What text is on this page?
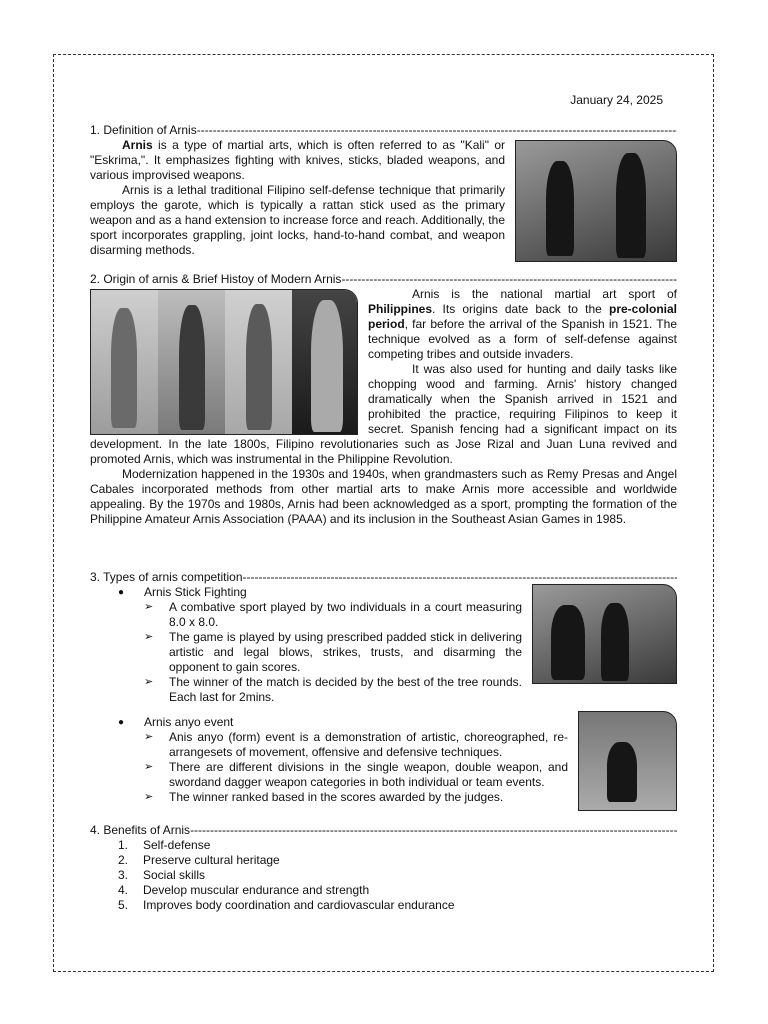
January 24, 2025
1. Definition of Arnis -----

Arnis is a type of martial arts, which is often referred to as "Kali" or "Eskrima,". It emphasizes fighting with knives, sticks, bladed weapons, and various improvised weapons.

Arnis is a lethal traditional Filipino self-defense technique that primarily employs the garote, which is typically a rattan stick used as the primary weapon and as a hand extension to increase force and reach. Additionally, the sport incorporates grappling, joint locks, hand-to-hand combat, and weapon disarming methods.

2. Origin of arnis & Brief Histoy of Modern Arnis -----

Arnis is the national martial art sport of Philippines. Its origins date back to the pre-colonial period, far before the arrival of the Spanish in 1521. The technique evolved as a form of self-defense against competing tribes and outside invaders.

It was also used for hunting and daily tasks like chopping wood and farming. Arnis' history changed dramatically when the Spanish arrived in 1521 and prohibited the practice, requiring Filipinos to keep it secret. Spanish fencing had a significant impact on its development. In the late 1800s, Filipino revolutionaries such as Jose Rizal and Juan Luna revived and promoted Arnis, which was instrumental in the Philippine Revolution.

Modernization happened in the 1930s and 1940s, when grandmasters such as Remy Presas and Angel Cabales incorporated methods from other martial arts to make Arnis more accessible and worldwide appealing. By the 1970s and 1980s, Arnis had been acknowledged as a sport, prompting the formation of the Philippine Amateur Arnis Association (PAAA) and its inclusion in the Southeast Asian Games in 1985.

3. Types of arnis competition -----
● Arnis Stick Fighting
➢ A combative sport played by two individuals in a court measuring 8.0 x 8.0.
➢ The game is played by using prescribed padded stick in delivering artistic and legal blows, strikes, trusts, and disarming the opponent to gain scores.
➢ The winner of the match is decided by the best of the tree rounds. Each last for 2mins.
● Arnis anyo event
➢ Anis anyo (form) event is a demonstration of artistic, choreographed, re-arrangesets of movement, offensive and defensive techniques.
➢ There are different divisions in the single weapon, double weapon, and swordand dagger weapon categories in both individual or team events.
➢ The winner ranked based in the scores awarded by the judges.
4. Benefits of Arnis -----
1.	Self-defense
2.	Preserve cultural heritage
3.	Social skills
4.	Develop muscular endurance and strength
5.	Improves body coordination and cardiovascular endurance
